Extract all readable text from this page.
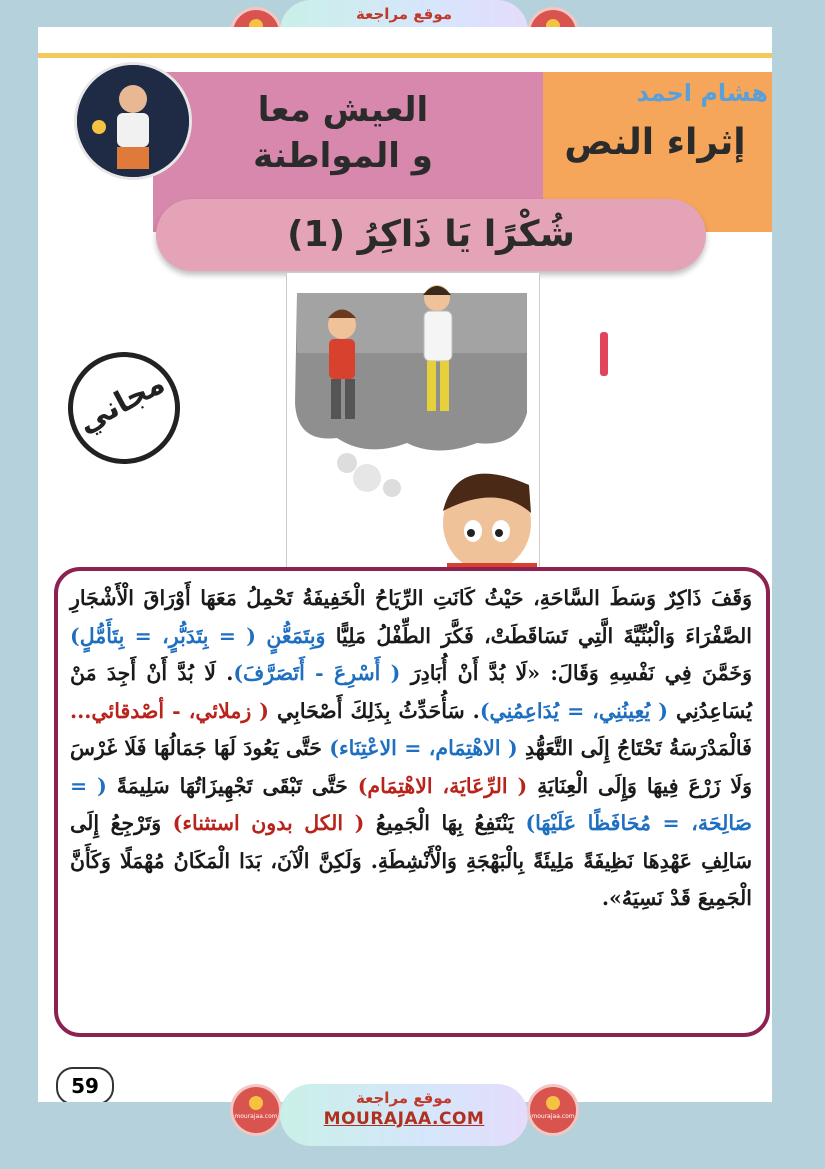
موقع مراجعة
هشام احمد
إثراء النص
العيش معا
و المواطنة
شُكْرًا يَا ذَاكِرُ (1)
مجاني
وَقَفَ ذَاكِرٌ وَسَطَ السَّاحَةِ، حَيْثُ كَانَتِ الرِّيَاحُ الْخَفِيفَةُ تَحْمِلُ مَعَهَا أَوْرَاقَ الْأَشْجَارِ الصَّفْرَاءَ وَالْبُنِّيَّةَ الَّتِي تَسَاقَطَتْ، فَكَّرَ الطِّفْلُ مَلِيًّا وَبِتَمَعُّنٍ ( = بِتَدَبُّرٍ، = بِتَأَمُّلٍ) وَخَمَّنَ فِي نَفْسِهِ وَقَالَ: «لَا بُدَّ أَنْ أُبَادِرَ ( أَسْرِعَ - أَتَصَرَّفَ). لَا بُدَّ أَنْ أَجِدَ مَنْ يُسَاعِدُنِي ( يُعِينُنِي، = يُدَاعِمُنِي). سَأُحَدِّثُ بِذَلِكَ أَصْحَابِي ( زملائي، - أصْدقائي... فَالْمَدْرَسَةُ تَحْتَاجُ إِلَى التَّعَهُّدِ ( الاهْتِمَام، = الاعْتِنَاء) حَتَّى يَعُودَ لَهَا جَمَالُهَا فَلَا غَرْسَ وَلَا زَرْعَ فِيهَا وَإِلَى الْعِنَايَةِ ( الرِّعَايَة، الاهْتِمَام) حَتَّى تَبْقَى تَجْهِيزَاتُهَا سَلِيمَةً ( = صَالِحَة، = مُحَافَظًا عَلَيْهَا) يَنْتَفِعُ بِهَا الْجَمِيعُ ( الكل بدون استثناء) وَتَرْجِعُ إِلَى سَالِفِ عَهْدِهَا نَظِيفَةً مَلِيئَةً بِالْبَهْجَةِ وَالْأَنْشِطَةِ. وَلَكِنَّ الْآنَ، بَدَا الْمَكَانُ مُهْمَلًا وَكَأَنَّ الْجَمِيعَ قَدْ نَسِيَهُ».
59
mourajaa.com
موقع مراجعة
MOURAJAA.COM	mourajaa.com
